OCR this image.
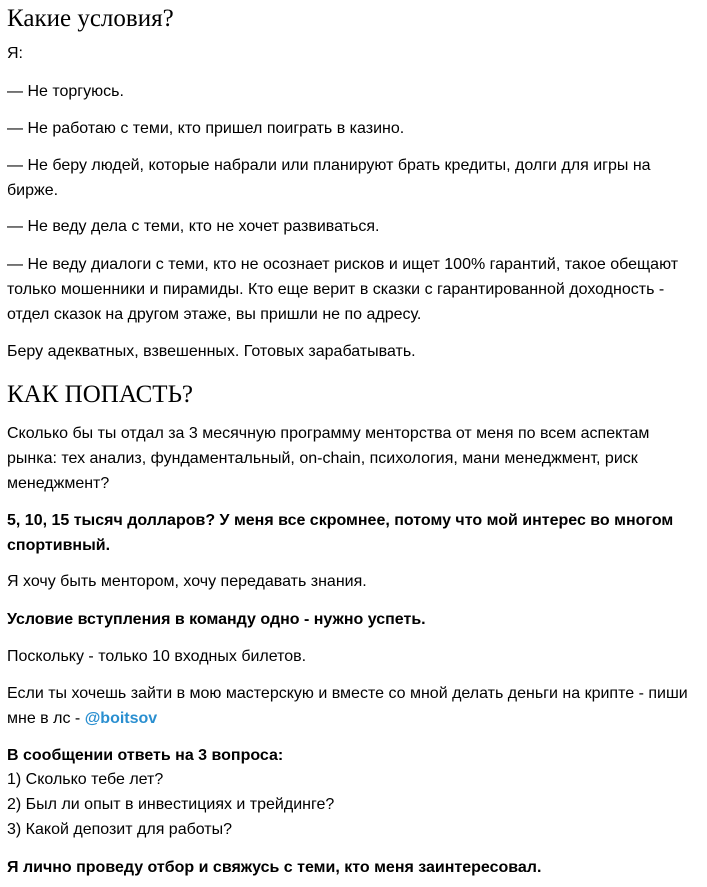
Какие условия?

Я:

— Не торгуюсь.

— Не работаю с теми, кто пришел поиграть в казино.

— Не беру людей, которые набрали или планируют брать кредиты, долги для игры на бирже.

— Не веду дела с теми, кто не хочет развиваться.

— Не веду диалоги с теми, кто не осознает рисков и ищет 100% гарантий, такое обещают только мошенники и пирамиды. Кто еще верит в сказки с гарантированной доходность - отдел сказок на другом этаже, вы пришли не по адресу.

Беру адекватных, взвешенных. Готовых зарабатывать.

КАК ПОПАСТЬ?

Сколько бы ты отдал за 3 месячную программу менторства от меня по всем аспектам рынка: тех анализ, фундаментальный, on-chain, психология, мани менеджмент, риск менеджмент?

5, 10, 15 тысяч долларов? У меня все скромнее, потому что мой интерес во многом спортивный.

Я хочу быть ментором, хочу передавать знания.

Условие вступления в команду одно - нужно успеть.

Поскольку - только 10 входных билетов.

Если ты хочешь зайти в мою мастерскую и вместе со мной делать деньги на крипте - пиши мне в лс - @boitsov

В сообщении ответь на 3 вопроса:

1) Сколько тебе лет?

2) Был ли опыт в инвестициях и трейдинге?

3) Какой депозит для работы?

Я лично проведу отбор и свяжусь с теми, кто меня заинтересовал.
